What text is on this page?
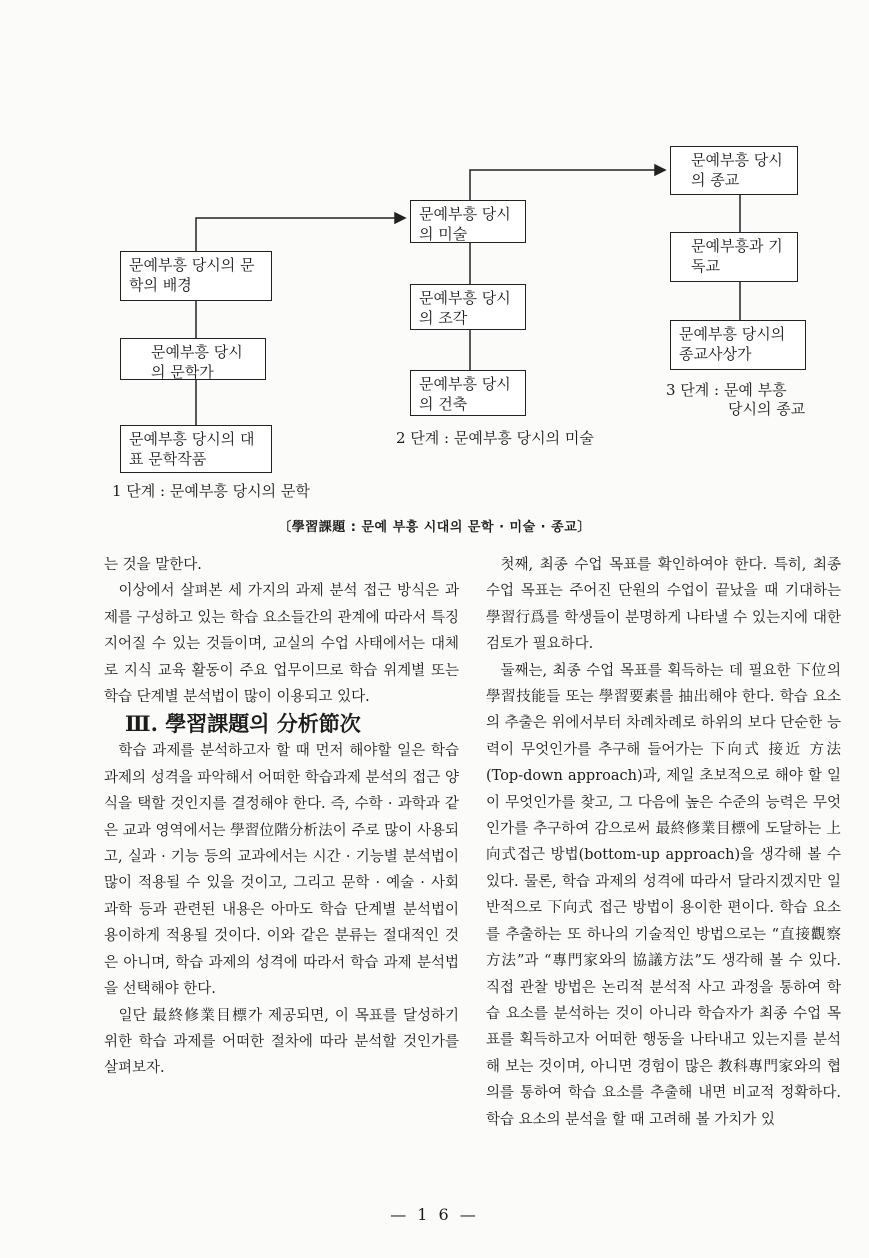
문예부흥 당시의 문학의 배경
문예부흥 당시의 문학가
문예부흥 당시의 대표 문학작품
1 단계 : 문예부흥 당시의 문학
문예부흥 당시의 미술
문예부흥 당시의 조각
문예부흥 당시의 건축
2 단계 : 문예부흥 당시의 미술
문예부흥 당시의 종교
문예부흥과 기독교
문예부흥 당시의 종교사상가
3 단계 : 문예 부흥
당시의 종교
〔學習課題 : 문예 부흥 시대의 문학 · 미술 · 종교〕

는 것을 말한다.

이상에서 살펴본 세 가지의 과제 분석 접근 방식은 과제를 구성하고 있는 학습 요소들간의 관계에 따라서 특징지어질 수 있는 것들이며, 교실의 수업 사태에서는 대체로 지식 교육 활동이 주요 업무이므로 학습 위계별 또는 학습 단계별 분석법이 많이 이용되고 있다.

Ⅲ. 學習課題의 分析節次

학습 과제를 분석하고자 할 때 먼저 해야할 일은 학습 과제의 성격을 파악해서 어떠한 학습과제 분석의 접근 양식을 택할 것인지를 결정해야 한다. 즉, 수학 · 과학과 같은 교과 영역에서는 學習位階分析法이 주로 많이 사용되고, 실과 · 기능 등의 교과에서는 시간 · 기능별 분석법이 많이 적용될 수 있을 것이고, 그리고 문학 · 예술 · 사회 과학 등과 관련된 내용은 아마도 학습 단계별 분석법이 용이하게 적용될 것이다. 이와 같은 분류는 절대적인 것은 아니며, 학습 과제의 성격에 따라서 학습 과제 분석법을 선택해야 한다.

일단 最終修業目標가 제공되면, 이 목표를 달성하기 위한 학습 과제를 어떠한 절차에 따라 분석할 것인가를 살펴보자.

첫째, 최종 수업 목표를 확인하여야 한다. 특히, 최종 수업 목표는 주어진 단원의 수업이 끝났을 때 기대하는 學習行爲를 학생들이 분명하게 나타낼 수 있는지에 대한 검토가 필요하다.

둘째는, 최종 수업 목표를 획득하는 데 필요한 下位의 學習技能들 또는 學習要素를 抽出해야 한다. 학습 요소의 추출은 위에서부터 차례차례로 하위의 보다 단순한 능력이 무엇인가를 추구해 들어가는 下向式 接近 方法(Top-down approach)과, 제일 초보적으로 해야 할 일이 무엇인가를 찾고, 그 다음에 높은 수준의 능력은 무엇인가를 추구하여 감으로써 最終修業目標에 도달하는 上向式접근 방법(bottom-up approach)을 생각해 볼 수 있다. 물론, 학습 과제의 성격에 따라서 달라지겠지만 일반적으로 下向式 접근 방법이 용이한 편이다. 학습 요소를 추출하는 또 하나의 기술적인 방법으로는 “直接觀察方法”과 “專門家와의 協議方法”도 생각해 볼 수 있다. 직접 관찰 방법은 논리적 분석적 사고 과정을 통하여 학습 요소를 분석하는 것이 아니라 학습자가 최종 수업 목표를 획득하고자 어떠한 행동을 나타내고 있는지를 분석해 보는 것이며, 아니면 경험이 많은 教科專門家와의 협의를 통하여 학습 요소를 추출해 내면 비교적 정확하다. 학습 요소의 분석을 할 때 고려해 볼 가치가 있

— 1 6 —
